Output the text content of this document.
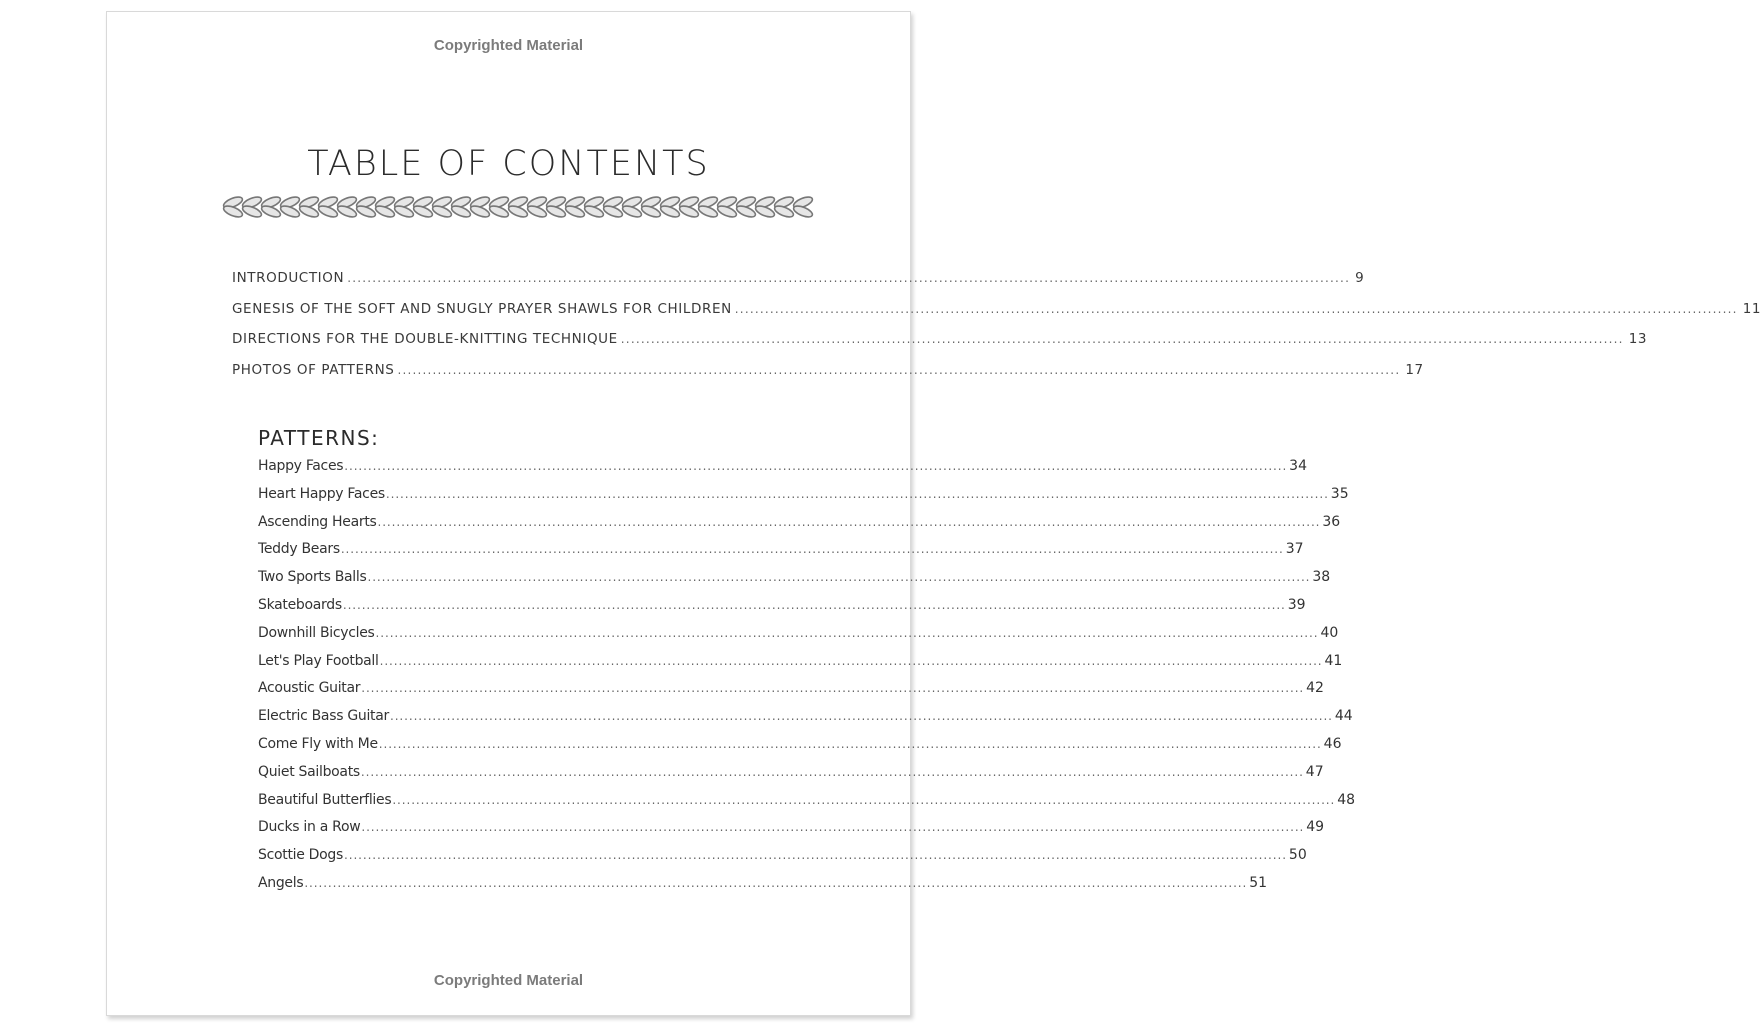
Copyrighted Material
TABLE OF CONTENTS
INTRODUCTION ........................................................................................................................................................................................................ 9
GENESIS OF THE SOFT AND SNUGLY PRAYER SHAWLS FOR CHILDREN ........................................................................................................................................................................................................ 11
DIRECTIONS FOR THE DOUBLE-KNITTING TECHNIQUE ........................................................................................................................................................................................................ 13
PHOTOS OF PATTERNS ........................................................................................................................................................................................................ 17
PATTERNS:
Happy Faces ........................................................................................................................................................................................................ 34
Heart Happy Faces ........................................................................................................................................................................................................ 35
Ascending Hearts ........................................................................................................................................................................................................ 36
Teddy Bears ........................................................................................................................................................................................................ 37
Two Sports Balls ........................................................................................................................................................................................................ 38
Skateboards ........................................................................................................................................................................................................ 39
Downhill Bicycles ........................................................................................................................................................................................................ 40
Let's Play Football ........................................................................................................................................................................................................ 41
Acoustic Guitar ........................................................................................................................................................................................................ 42
Electric Bass Guitar ........................................................................................................................................................................................................ 44
Come Fly with Me ........................................................................................................................................................................................................ 46
Quiet Sailboats ........................................................................................................................................................................................................ 47
Beautiful Butterflies ........................................................................................................................................................................................................ 48
Ducks in a Row ........................................................................................................................................................................................................ 49
Scottie Dogs ........................................................................................................................................................................................................ 50
Angels ........................................................................................................................................................................................................ 51
Copyrighted Material
